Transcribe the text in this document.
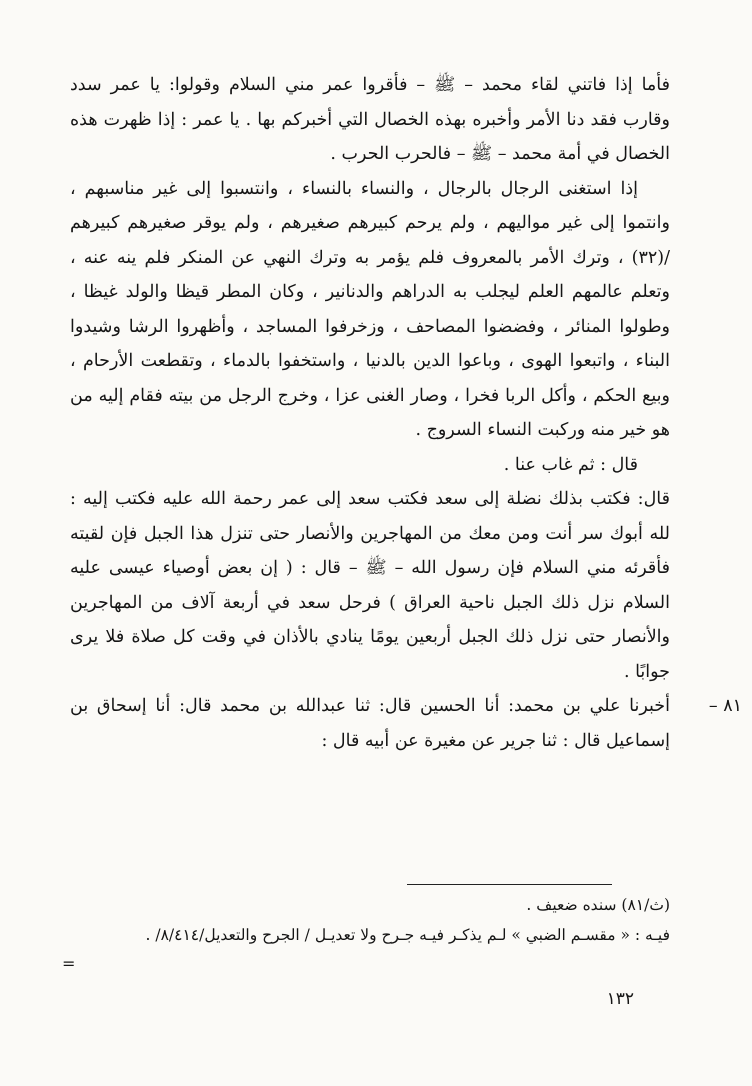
فأما إذا فاتني لقاء محمد – ﷺ – فأقروا عمر مني السلام وقولوا: يا عمر سدد وقارب فقد دنا الأمر وأخبره بهذه الخصال التي أخبركم بها . يا عمر : إذا ظهرت هذه الخصال في أمة محمد – ﷺ – فالحرب الحرب .

إذا استغنى الرجال بالرجال ، والنساء بالنساء ، وانتسبوا إلى غير مناسبهم ، وانتموا إلى غير مواليهم ، ولم يرحم كبيرهم صغيرهم ، ولم يوقر صغيرهم كبيرهم /(٣٢) ، وترك الأمر بالمعروف فلم يؤمر به وترك النهي عن المنكر فلم ينه عنه ، وتعلم عالمهم العلم ليجلب به الدراهم والدنانير ، وكان المطر قيظا والولد غيظا ، وطولوا المنائر ، وفضضوا المصاحف ، وزخرفوا المساجد ، وأظهروا الرشا وشيدوا البناء ، واتبعوا الهوى ، وباعوا الدين بالدنيا ، واستخفوا بالدماء ، وتقطعت الأرحام ، وبيع الحكم ، وأكل الربا فخرا ، وصار الغنى عزا ، وخرج الرجل من بيته فقام إليه من هو خير منه وركبت النساء السروج .

قال : ثم غاب عنا .

قال: فكتب بذلك نضلة إلى سعد فكتب سعد إلى عمر رحمة الله عليه فكتب إليه : لله أبوك سر أنت ومن معك من المهاجرين والأنصار حتى تنزل هذا الجبل فإن لقيته فأقرئه مني السلام فإن رسول الله – ﷺ – قال : ( إن بعض أوصياء عيسى عليه السلام نزل ذلك الجبل ناحية العراق ) فرحل سعد في أربعة آلاف من المهاجرين والأنصار حتى نزل ذلك الجبل أربعين يومًا ينادي بالأذان في وقت كل صلاة فلا يرى جوابًا .

٨١ –

أخبرنا علي بن محمد: أنا الحسين قال: ثنا عبدالله بن محمد قال: أنا إسحاق بن إسماعيل قال : ثنا جرير عن مغيرة عن أبيه قال :

(ث/٨١) سنده ضعيف .

فيـه : « مقسـم الضبي » لـم يذكـر فيـه جـرح ولا تعديـل / الجرح والتعديل/٨/٤١٤/ .

=
١٣٢
